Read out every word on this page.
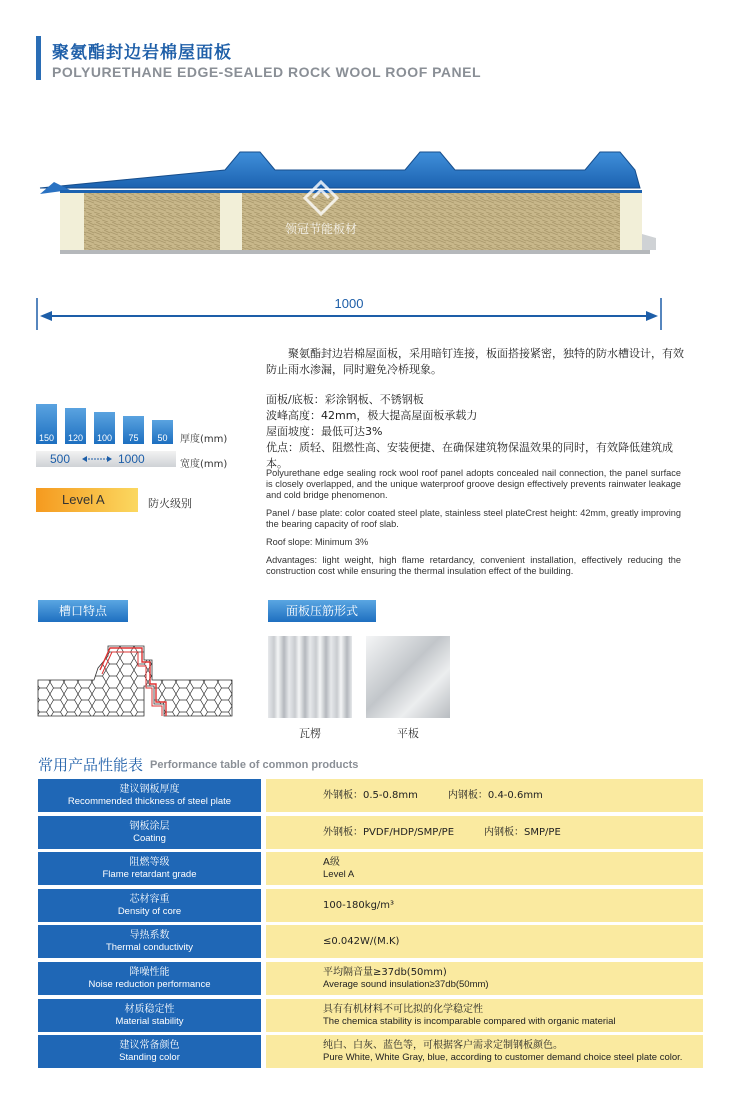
聚氨酯封边岩棉屋面板
POLYURETHANE EDGE-SEALED ROCK WOOL ROOF PANEL
领冠节能板材
1000

聚氨酯封边岩棉屋面板，采用暗钉连接，板面搭接紧密，独特的防水槽设计，有效防止雨水渗漏，同时避免冷桥现象。

面板/底板：彩涂钢板、不锈钢板

波峰高度：42mm，极大提高屋面板承载力

屋面坡度：最低可达3%

优点：质轻、阻燃性高、安装便捷、在确保建筑物保温效果的同时，有效降低建筑成本。

Polyurethane edge sealing rock wool roof panel adopts concealed nail connection, the panel surface is closely overlapped, and the unique waterproof groove design effectively prevents rainwater leakage and cold bridge phenomenon.

Panel / base plate: color coated steel plate, stainless steel plateCrest height: 42mm, greatly improving the bearing capacity of roof slab.

Roof slope: Minimum 3%

Advantages: light weight, high flame retardancy, convenient installation, effectively reducing the construction cost while ensuring the thermal insulation effect of the building.

150	120	100	75	50	厚度(mm)
500	1000	宽度(mm)
Level A	防火级别
槽口特点	面板压筋形式
瓦楞	平板
常用产品性能表 Performance table of common products
建议钢板厚度
Recommended thickness of steel plate
外钢板：0.5-0.8mm	内钢板：0.4-0.6mm
钢板涂层
Coating
外钢板：PVDF/HDP/SMP/PE	内钢板：SMP/PE
阻燃等级
Flame retardant grade
A级
Level A
芯材容重
Density of core
100-180kg/m³
导热系数
Thermal conductivity
≤0.042W/(M.K)
降噪性能
Noise reduction performance
平均隔音量≥37db(50mm)
Average sound insulation≥37db(50mm)
材质稳定性
Material stability
具有有机材料不可比拟的化学稳定性
The chemica stability is incomparable compared with organic material
建议常备颜色
Standing color
纯白、白灰、蓝色等，可根据客户需求定制钢板颜色。
Pure White, White Gray, blue, according to customer demand choice steel plate color.
